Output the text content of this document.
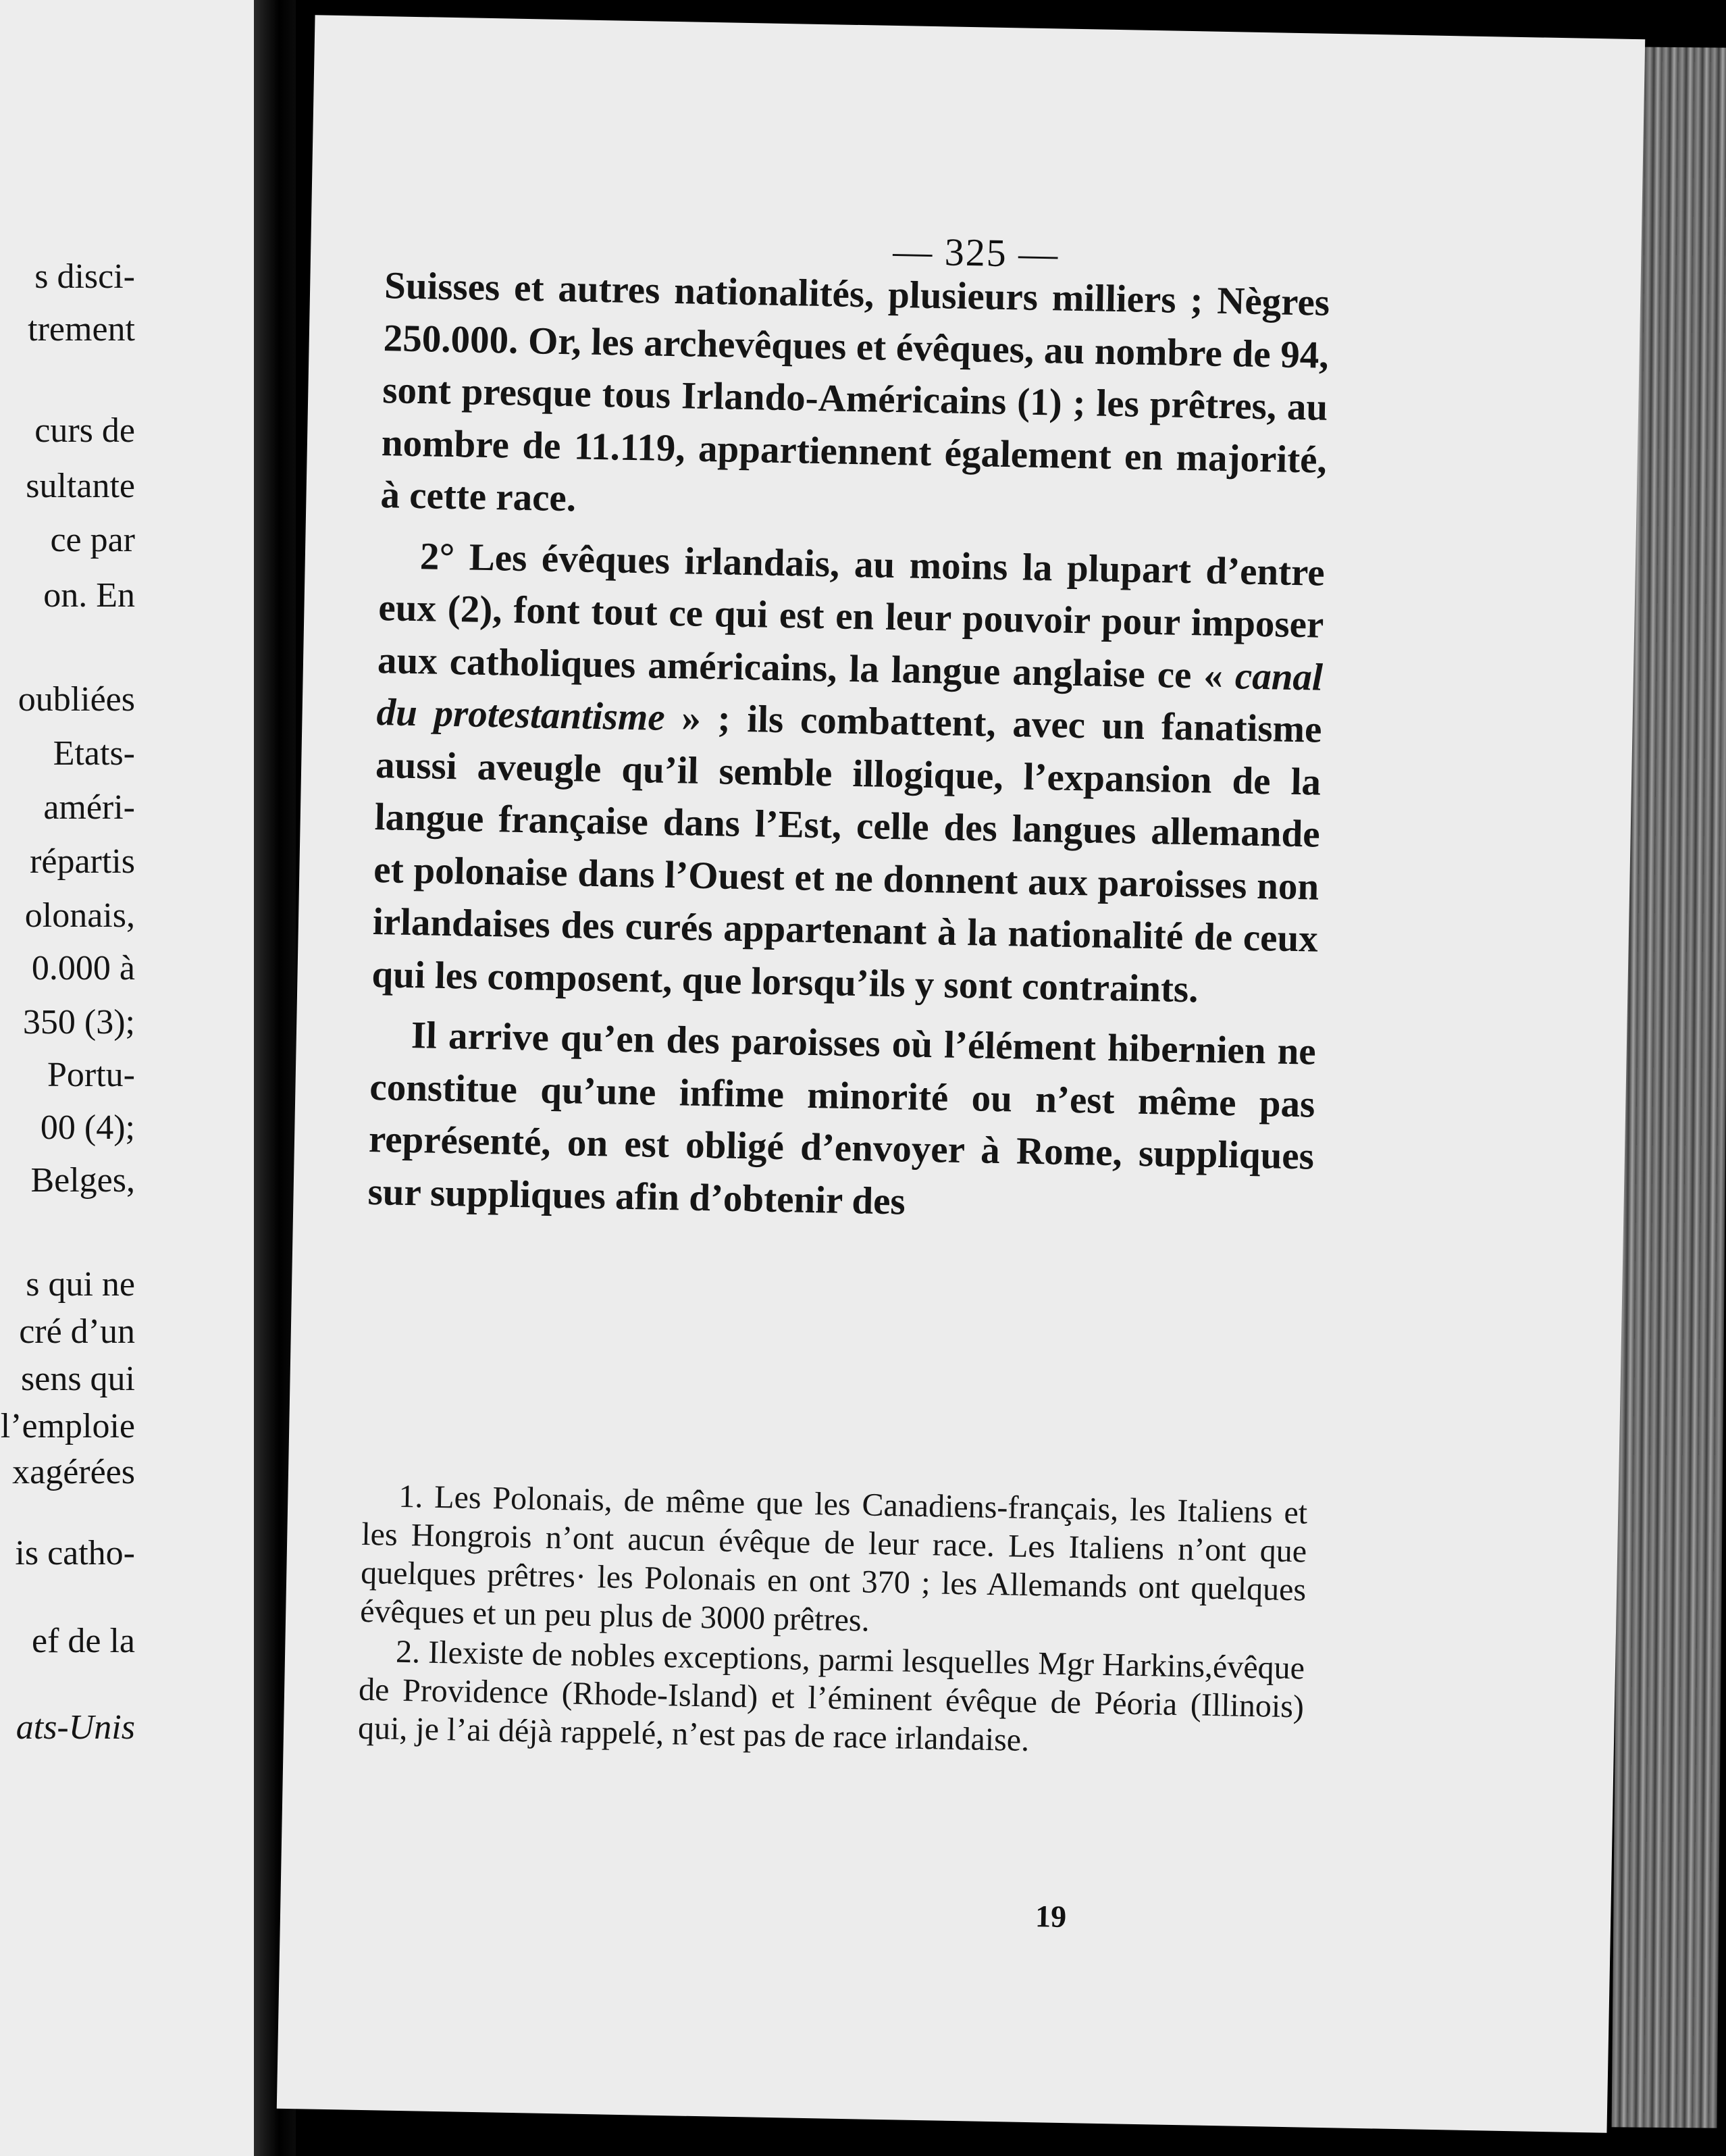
s disci-
trement
curs de
sultante
ce par
on. En
oubliées
Etats-
améri-
répartis
olonais,
0.000 à
350 (3);
Portu-
00 (4);
Belges,
s qui ne
cré d’un
sens qui
l’emploie
xagérées
is catho-
ef de la
ats-Unis
— 325 —

Suisses et autres nationalités, plusieurs milliers ; Nègres 250.000. Or, les archevêques et évêques, au nombre de 94, sont presque tous Irlando-Américains (1) ; les prêtres, au nombre de 11.119, appartiennent également en majorité, à cette race.

2° Les évêques irlandais, au moins la plupart d’entre eux (2), font tout ce qui est en leur pouvoir pour imposer aux catholiques américains, la langue anglaise ce « canal du protestantisme » ; ils combattent, avec un fanatisme aussi aveugle qu’il semble illogique, l’expansion de la langue française dans l’Est, celle des langues allemande et polonaise dans l’Ouest et ne donnent aux paroisses non irlandaises des curés appartenant à la nationalité de ceux qui les composent, que lorsqu’ils y sont contraints.

Il arrive qu’en des paroisses où l’élément hibernien ne constitue qu’une infime minorité ou n’est même pas représenté, on est obligé d’envoyer à Rome, suppliques sur suppliques afin d’obtenir des

1. Les Polonais, de même que les Canadiens-français, les Italiens et les Hongrois n’ont aucun évêque de leur race. Les Italiens n’ont que quelques prêtres· les Polonais en ont 370 ; les Allemands ont quelques évêques et un peu plus de 3000 prêtres.

2. Ilexiste de nobles exceptions, parmi lesquelles Mgr Harkins,évêque de Providence (Rhode-Island) et l’éminent évêque de Péoria (Illinois) qui, je l’ai déjà rappelé, n’est pas de race irlandaise.

19
